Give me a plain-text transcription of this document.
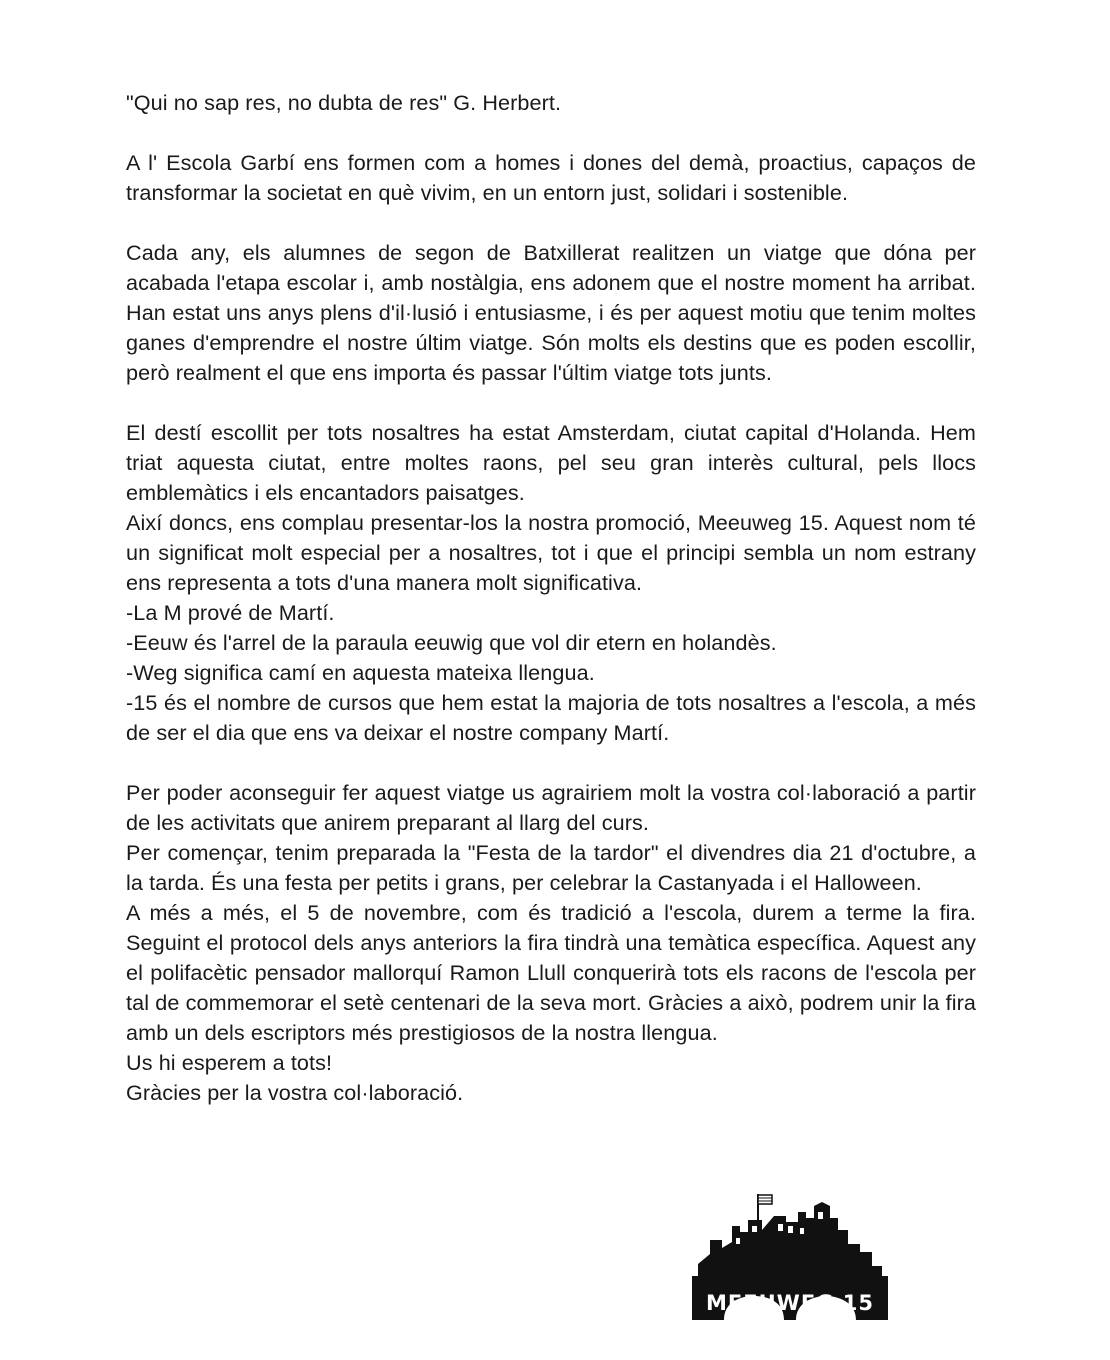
"Qui no sap res, no dubta de res" G. Herbert.

A l' Escola Garbí ens formen com a homes i dones del demà, proactius, capaços de transformar la societat en què vivim, en un entorn just, solidari i sostenible.

Cada any, els alumnes de segon de Batxillerat realitzen un viatge que dóna per acabada l'etapa escolar i, amb nostàlgia, ens adonem que el nostre moment ha arribat. Han estat uns anys plens d'il·lusió i entusiasme, i és per aquest motiu que tenim moltes ganes d'emprendre el nostre últim viatge. Són molts els destins que es poden escollir, però realment el que ens importa és passar l'últim viatge tots junts.

El destí escollit per tots nosaltres ha estat Amsterdam, ciutat capital d'Holanda. Hem triat aquesta ciutat, entre moltes raons, pel seu gran interès cultural, pels llocs emblemàtics i els encantadors paisatges.

Així doncs, ens complau presentar-los la nostra promoció, Meeuweg 15. Aquest nom té un significat molt especial per a nosaltres, tot i que el principi sembla un nom estrany ens representa a tots d'una manera molt significativa.

-La M prové de Martí.

-Eeuw és l'arrel de la paraula eeuwig que vol dir etern en holandès.

-Weg significa camí en aquesta mateixa llengua.

-15 és el nombre de cursos que hem estat la majoria de tots nosaltres a l'escola, a més de ser el dia que ens va deixar el nostre company Martí.

Per poder aconseguir fer aquest viatge us agrairiem molt la vostra col·laboració a partir de les activitats que anirem preparant al llarg del curs.

Per començar, tenim preparada la "Festa de la tardor" el divendres dia 21 d'octubre, a la tarda. És una festa per petits i grans, per celebrar la Castanyada i el Halloween.

A més a més, el 5 de novembre, com és tradició a l'escola, durem a terme la fira. Seguint el protocol dels anys anteriors la fira tindrà una temàtica específica. Aquest any el polifacètic pensador mallorquí Ramon Llull conquerirà tots els racons de l'escola per tal de commemorar el setè centenari de la seva mort. Gràcies a això, podrem unir la fira amb un dels escriptors més prestigiosos de la nostra llengua.

Us hi esperem a tots!

Gràcies per la vostra col·laboració.

MEEUWEG 15
